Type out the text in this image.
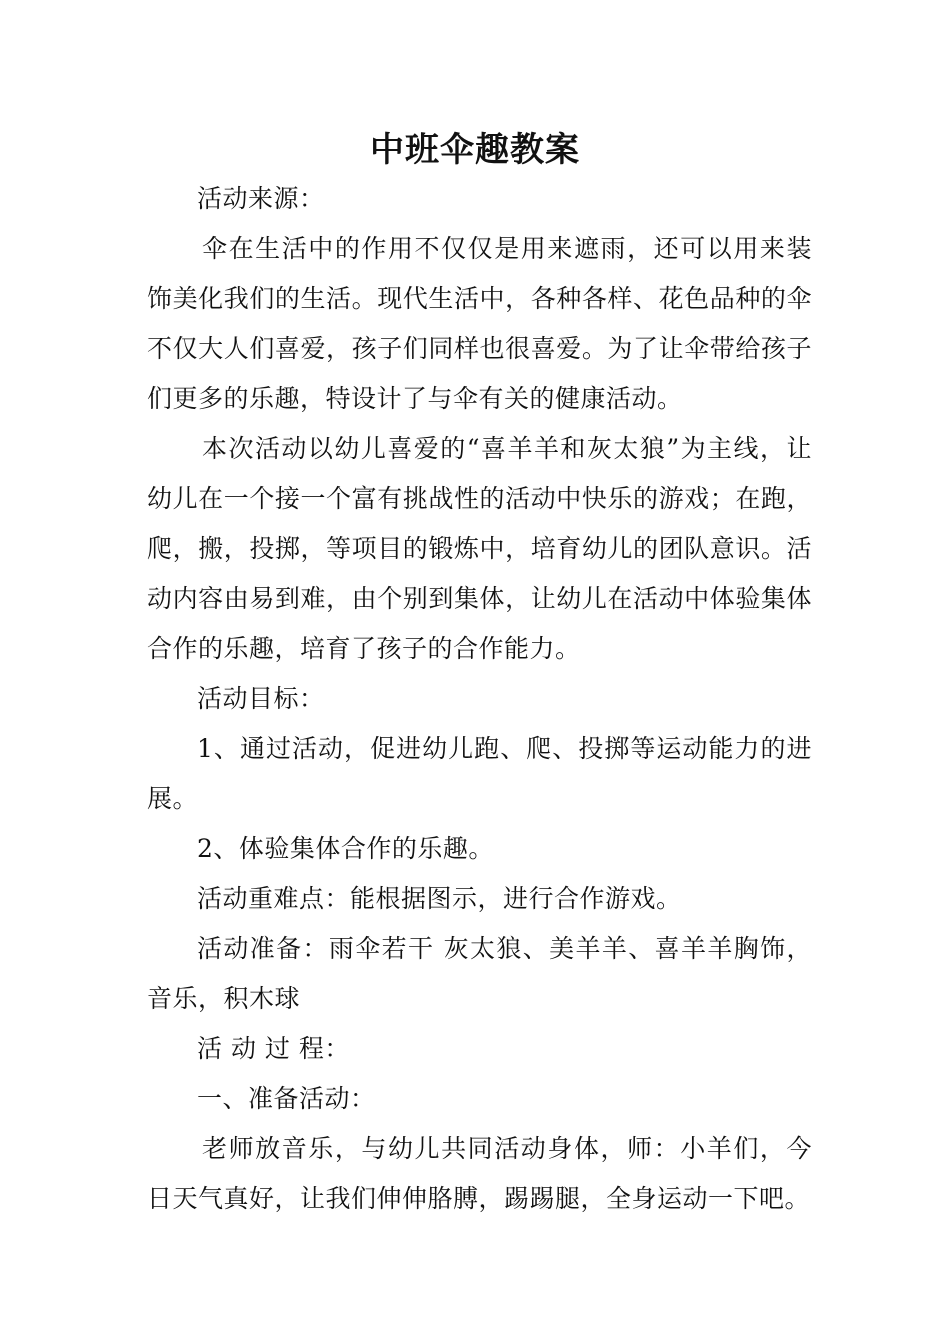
中班伞趣教案

活动来源：

伞在生活中的作用不仅仅是用来遮雨，还可以用来装饰美化我们的生活。现代生活中，各种各样、花色品种的伞不仅大人们喜爱，孩子们同样也很喜爱。为了让伞带给孩子们更多的乐趣，特设计了与伞有关的健康活动。

本次活动以幼儿喜爱的“喜羊羊和灰太狼”为主线，让幼儿在一个接一个富有挑战性的活动中快乐的游戏；在跑，爬，搬，投掷，等项目的锻炼中，培育幼儿的团队意识。活动内容由易到难，由个别到集体，让幼儿在活动中体验集体合作的乐趣，培育了孩子的合作能力。

活动目标：

1、通过活动，促进幼儿跑、爬、投掷等运动能力的进展。

2、体验集体合作的乐趣。

活动重难点：能根据图示，进行合作游戏。

活动准备：雨伞若干 灰太狼、美羊羊、喜羊羊胸饰，音乐，积木球

活 动 过 程：

一、准备活动：

老师放音乐，与幼儿共同活动身体，师：小羊们，今日天气真好，让我们伸伸胳膊，踢踢腿，全身运动一下吧。
